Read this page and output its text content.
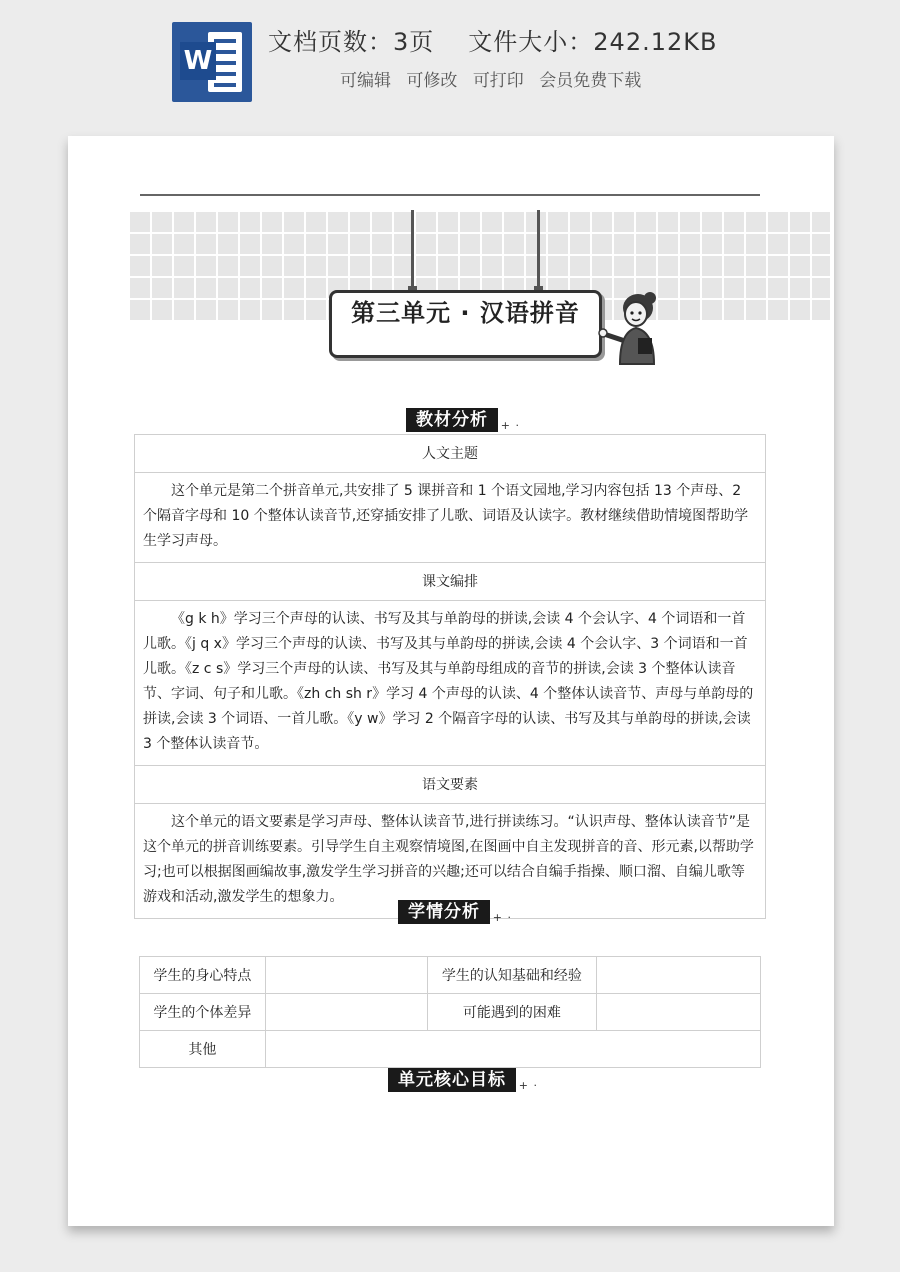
W
文档页数：3页 文件大小：242.12KB
可编辑 可修改 可打印 会员免费下载
第三单元 · 汉语拼音
教材分析 + ·
人文主题
这个单元是第二个拼音单元,共安排了 5 课拼音和 1 个语文园地,学习内容包括 13 个声母、2 个隔音字母和 10 个整体认读音节,还穿插安排了儿歌、词语及认读字。教材继续借助情境图帮助学生学习声母。
课文编排
《g k h》学习三个声母的认读、书写及其与单韵母的拼读,会读 4 个会认字、4 个词语和一首儿歌。《j q x》学习三个声母的认读、书写及其与单韵母的拼读,会读 4 个会认字、3 个词语和一首儿歌。《z c s》学习三个声母的认读、书写及其与单韵母组成的音节的拼读,会读 3 个整体认读音节、字词、句子和儿歌。《zh ch sh r》学习 4 个声母的认读、4 个整体认读音节、声母与单韵母的拼读,会读 3 个词语、一首儿歌。《y w》学习 2 个隔音字母的认读、书写及其与单韵母的拼读,会读 3 个整体认读音节。
语文要素
这个单元的语文要素是学习声母、整体认读音节,进行拼读练习。“认识声母、整体认读音节”是这个单元的拼音训练要素。引导学生自主观察情境图,在图画中自主发现拼音的音、形元素,以帮助学习;也可以根据图画编故事,激发学生学习拼音的兴趣;还可以结合自编手指操、顺口溜、自编儿歌等游戏和活动,激发学生的想象力。
学情分析 + ·
学生的身心特点		学生的认知基础和经验	
学生的个体差异		可能遇到的困难	
其他			
单元核心目标 + ·
